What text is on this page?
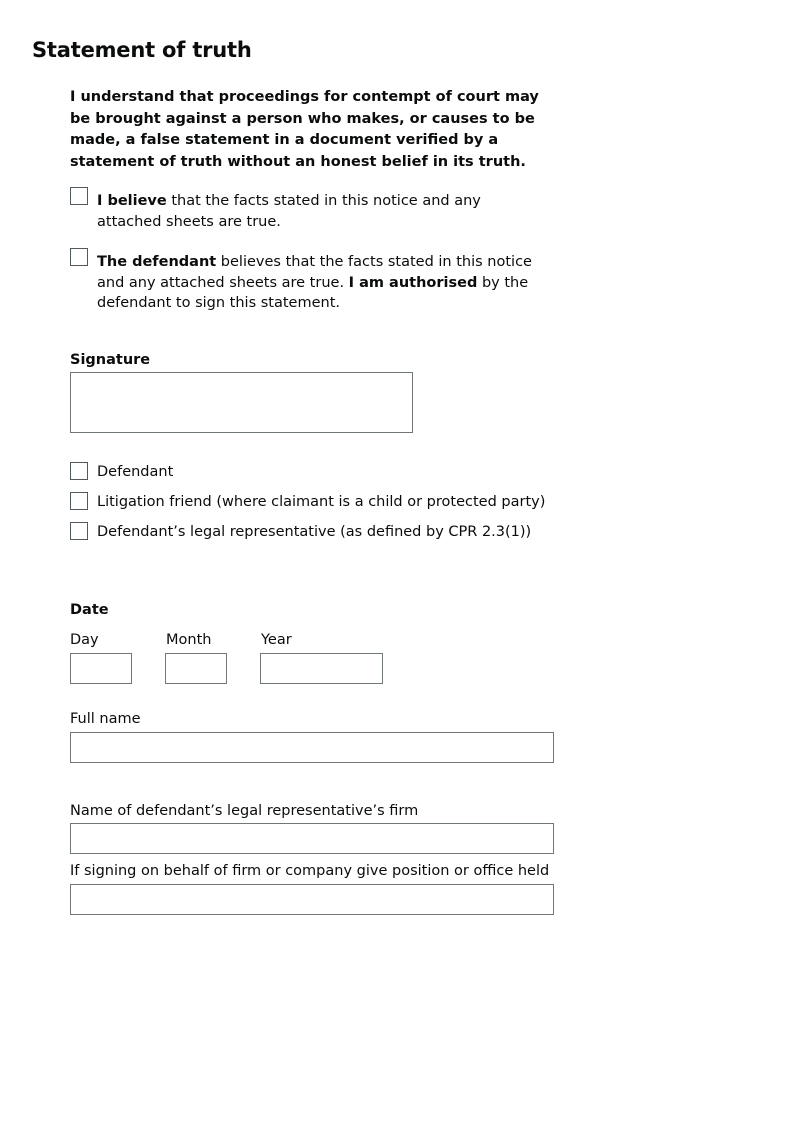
Statement of truth
I understand that proceedings for contempt of court may be brought against a person who makes, or causes to be made, a false statement in a document verified by a statement of truth without an honest belief in its truth.
I believe that the facts stated in this notice and any attached sheets are true.
The defendant believes that the facts stated in this notice and any attached sheets are true. I am authorised by the defendant to sign this statement.
Signature
Defendant
Litigation friend (where claimant is a child or protected party)
Defendant’s legal representative (as defined by CPR 2.3(1))
Date
Day	Month	Year
Full name
Name of defendant’s legal representative’s firm
If signing on behalf of firm or company give position or office held
